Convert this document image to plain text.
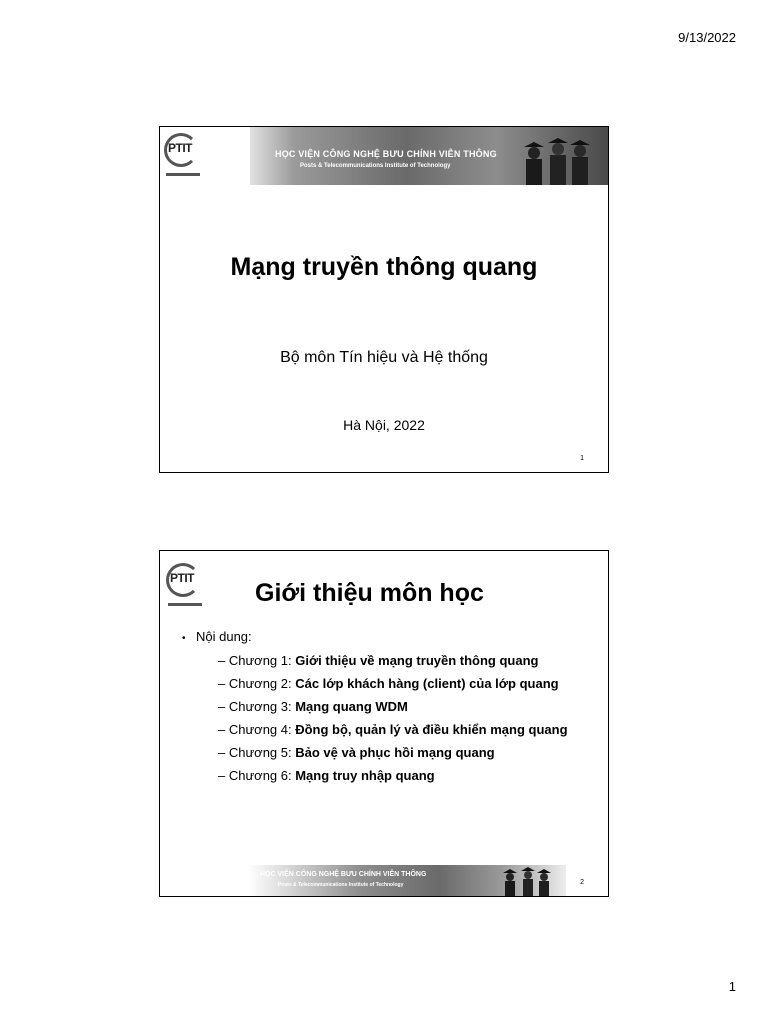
9/13/2022
PTIT	HỌC VIỆN CÔNG NGHỆ BƯU CHÍNH VIỄN THÔNG
Posts & Telecommunications Institute of Technology
Mạng truyền thông quang
Bộ môn Tín hiệu và Hệ thống
Hà Nội, 2022
1
PTIT
Giới thiệu môn học
• Nội dung:
– Chương 1: Giới thiệu về mạng truyền thông quang
– Chương 2: Các lớp khách hàng (client) của lớp quang
– Chương 3: Mạng quang WDM
– Chương 4: Đồng bộ, quản lý và điều khiển mạng quang
– Chương 5: Bảo vệ và phục hồi mạng quang
– Chương 6: Mạng truy nhập quang
HỌC VIỆN CÔNG NGHỆ BƯU CHÍNH VIỄN THÔNG
Posts & Telecommunications Institute of Technology	2
1
